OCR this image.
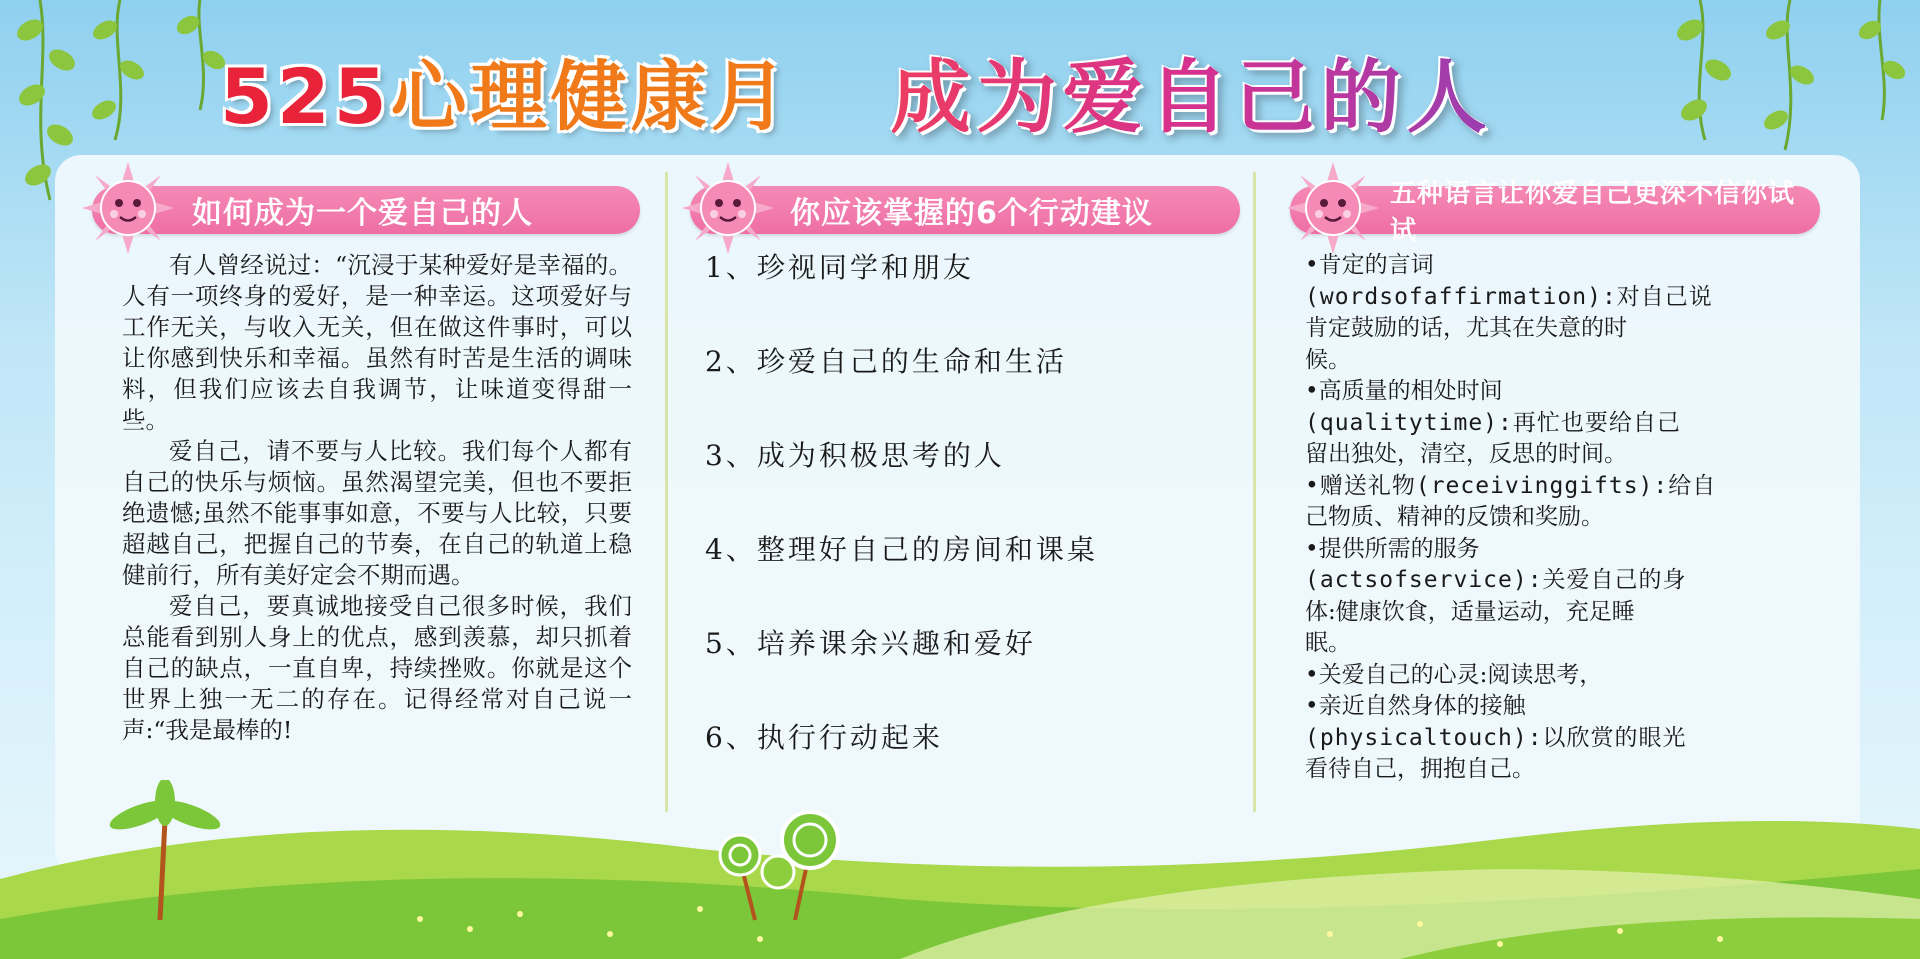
525心理健康月 成为爱自己的人
如何成为一个爱自己的人	你应该掌握的6个行动建议
五种语言让你爱自己更深不信你试试

有人曾经说过：“沉浸于某种爱好是幸福的。人有一项终身的爱好，是一种幸运。这项爱好与工作无关，与收入无关，但在做这件事时，可以让你感到快乐和幸福。虽然有时苦是生活的调味料，但我们应该去自我调节，让味道变得甜一些。

爱自己，请不要与人比较。我们每个人都有自己的快乐与烦恼。虽然渴望完美，但也不要拒绝遗憾;虽然不能事事如意，不要与人比较，只要超越自己，把握自己的节奏，在自己的轨道上稳健前行，所有美好定会不期而遇。

爱自己，要真诚地接受自己很多时候，我们总能看到别人身上的优点，感到羡慕，却只抓着自己的缺点，一直自卑，持续挫败。你就是这个世界上独一无二的存在。记得经常对自己说一声:“我是最棒的!

1、珍视同学和朋友
2、珍爱自己的生命和生活
3、成为积极思考的人
4、整理好自己的房间和课桌
5、培养课余兴趣和爱好
6、执行行动起来
•肯定的言词
(wordsofaffirmation):对自己说
肯定鼓励的话，尤其在失意的时
候。
•高质量的相处时间
(qualitytime):再忙也要给自己
留出独处，清空，反思的时间。
•赠送礼物(receivinggifts):给自
己物质、精神的反馈和奖励。
•提供所需的服务
(actsofservice):关爱自己的身
体:健康饮食，适量运动，充足睡
眠。
•关爱自己的心灵:阅读思考，
•亲近自然身体的接触
(physicaltouch):以欣赏的眼光
看待自己，拥抱自己。
